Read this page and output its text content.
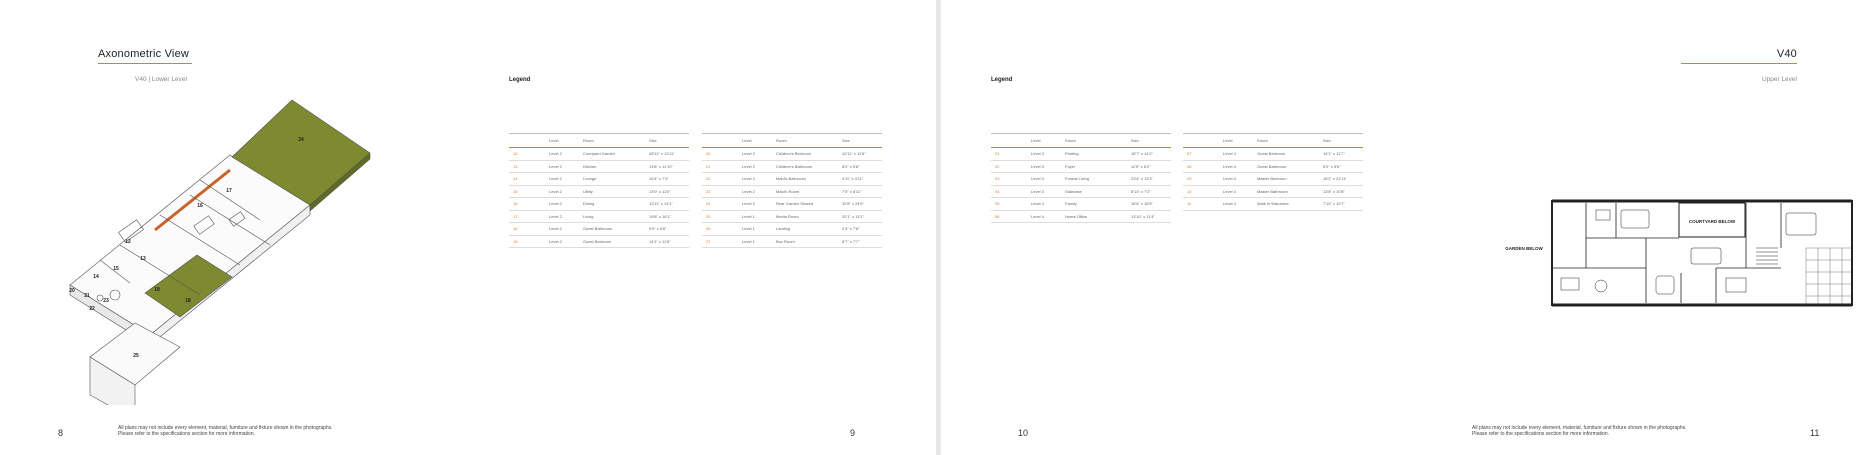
Axonometric View
V40 | Lower Level
24
17
16
12
13
14
15
19
20
21
22
23	18
25
Legend
	Level	Room	Size
12	Level 2	Courtyard Garden	28'11" x 13'11"
13	Level 2	Kitchen	13'8" x 11'10"
14	Level 2	Lounge	16'4" x 7'3"
15	Level 2	Utility	13'0" x 11'0"
16	Level 2	Dining	13'11" x 14'1"
17	Level 2	Living	19'8" x 16'1"
18	Level 2	Guest Bathroom	9'0" x 5'8"
19	Level 2	Guest Bedroom	14'1" x 11'8"
	Level	Room	Size
20	Level 2	Children's Bedroom	10'11" x 11'8"
21	Level 2	Children's Bathroom	8'0" x 5'8"
22	Level 2	Maid's Bathroom	4'11" x 4'11"
23	Level 2	Maid's Room	7'5" x 8'11"
24	Level 2	Rear Garden Shared	32'8" x 24'9"
25	Level 1	Media Room	32'1" x 13'1"
26	Level 1	Landing	4'3" x 7'8"
27	Level 1	Box Room	8'7" x 7'7"
8	All plans may not include every element, material, furniture and fixture shown in the photographs.
Please refer to the specifications section for more information.	9
Legend
	Level	Room	Size
01	Level 3	Printing	18'7" x 14'2"
02	Level 3	Foyer	11'5" x 8'2"
03	Level 3	Formal Living	23'4" x 13'3"
04	Level 3	Staircase	8'10" x 7'2"
05	Level 4	Family	16'6" x 18'9"
06	Level 4	Home Office	13'10" x 11'4"
	Level	Room	Size
07	Level 4	Guest Bedroom	14'1" x 11'7"
08	Level 4	Guest Bathroom	6'0" x 5'6"
09	Level 4	Master Bedroom	16'2" x 21'11"
10	Level 4	Master Bathroom	13'8" x 10'8"
11	Level 4	Walk In Wardrobe	7'10" x 10'7"
V40
Upper Level
COURTYARD BELOW
GARDEN BELOW
10	All plans may not include every element, material, furniture and fixture shown in the photographs.
Please refer to the specifications section for more information.	11
